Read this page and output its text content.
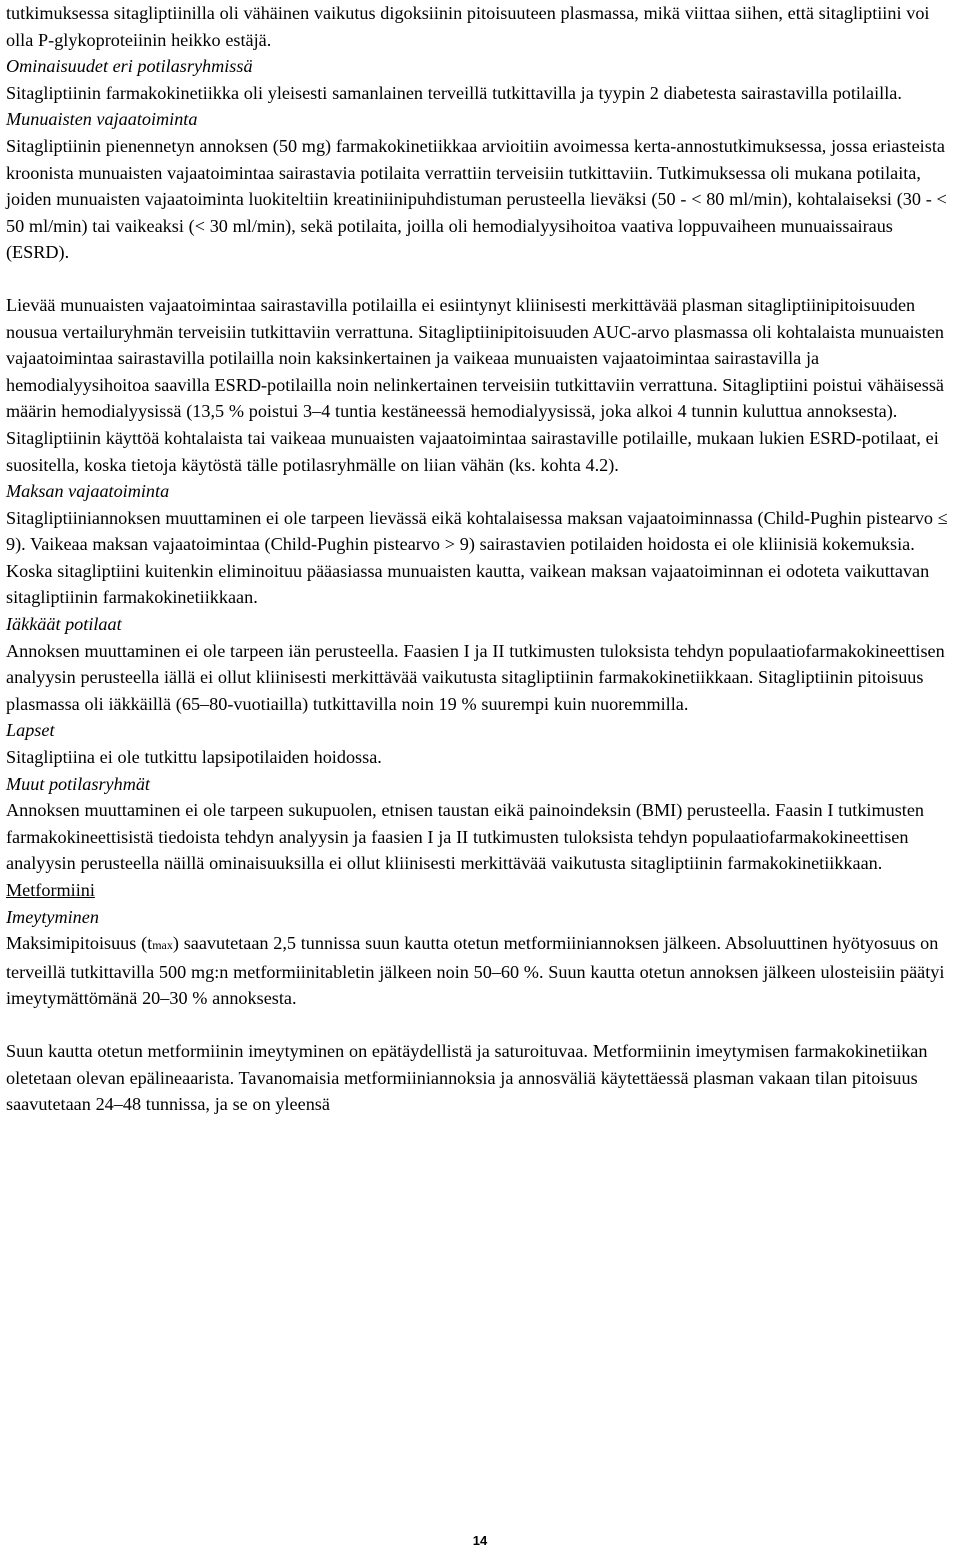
tutkimuksessa sitagliptiinilla oli vähäinen vaikutus digoksiinin pitoisuuteen plasmassa, mikä viittaa siihen, että sitagliptiini voi olla P-glykoproteiinin heikko estäjä.

Ominaisuudet eri potilasryhmissä

Sitagliptiinin farmakokinetiikka oli yleisesti samanlainen terveillä tutkittavilla ja tyypin 2 diabetesta sairastavilla potilailla.

Munuaisten vajaatoiminta

Sitagliptiinin pienennetyn annoksen (50 mg) farmakokinetiikkaa arvioitiin avoimessa kerta-annostutkimuksessa, jossa eriasteista kroonista munuaisten vajaatoimintaa sairastavia potilaita verrattiin terveisiin tutkittaviin. Tutkimuksessa oli mukana potilaita, joiden munuaisten vajaatoiminta luokiteltiin kreatiniinipuhdistuman perusteella lieväksi (50 - < 80 ml/min), kohtalaiseksi (30 - < 50 ml/min) tai vaikeaksi (< 30 ml/min), sekä potilaita, joilla oli hemodialyysihoitoa vaativa loppuvaiheen munuaissairaus (ESRD).

Lievää munuaisten vajaatoimintaa sairastavilla potilailla ei esiintynyt kliinisesti merkittävää plasman sitagliptiinipitoisuuden nousua vertailuryhmän terveisiin tutkittaviin verrattuna. Sitagliptiinipitoisuuden AUC-arvo plasmassa oli kohtalaista munuaisten vajaatoimintaa sairastavilla potilailla noin kaksinkertainen ja vaikeaa munuaisten vajaatoimintaa sairastavilla ja hemodialyysihoitoa saavilla ESRD-potilailla noin nelinkertainen terveisiin tutkittaviin verrattuna. Sitagliptiini poistui vähäisessä määrin hemodialyysissä (13,5 % poistui 3–4 tuntia kestäneessä hemodialyysissä, joka alkoi 4 tunnin kuluttua annoksesta). Sitagliptiinin käyttöä kohtalaista tai vaikeaa munuaisten vajaatoimintaa sairastaville potilaille, mukaan lukien ESRD-potilaat, ei suositella, koska tietoja käytöstä tälle potilasryhmälle on liian vähän (ks. kohta 4.2).

Maksan vajaatoiminta

Sitagliptiiniannoksen muuttaminen ei ole tarpeen lievässä eikä kohtalaisessa maksan vajaatoiminnassa (Child-Pughin pistearvo ≤ 9). Vaikeaa maksan vajaatoimintaa (Child-Pughin pistearvo > 9) sairastavien potilaiden hoidosta ei ole kliinisiä kokemuksia. Koska sitagliptiini kuitenkin eliminoituu pääasiassa munuaisten kautta, vaikean maksan vajaatoiminnan ei odoteta vaikuttavan sitagliptiinin farmakokinetiikkaan.

Iäkkäät potilaat

Annoksen muuttaminen ei ole tarpeen iän perusteella. Faasien I ja II tutkimusten tuloksista tehdyn populaatiofarmakokineettisen analyysin perusteella iällä ei ollut kliinisesti merkittävää vaikutusta sitagliptiinin farmakokinetiikkaan. Sitagliptiinin pitoisuus plasmassa oli iäkkäillä (65–80-vuotiailla) tutkittavilla noin 19 % suurempi kuin nuoremmilla.

Lapset

Sitagliptiina ei ole tutkittu lapsipotilaiden hoidossa.

Muut potilasryhmät

Annoksen muuttaminen ei ole tarpeen sukupuolen, etnisen taustan eikä painoindeksin (BMI) perusteella. Faasin I tutkimusten farmakokineettisistä tiedoista tehdyn analyysin ja faasien I ja II tutkimusten tuloksista tehdyn populaatiofarmakokineettisen analyysin perusteella näillä ominaisuuksilla ei ollut kliinisesti merkittävää vaikutusta sitagliptiinin farmakokinetiikkaan.

Metformiini

Imeytyminen

Maksimipitoisuus (tmax) saavutetaan 2,5 tunnissa suun kautta otetun metformiiniannoksen jälkeen. Absoluuttinen hyötyosuus on terveillä tutkittavilla 500 mg:n metformiinitabletin jälkeen noin 50–60 %. Suun kautta otetun annoksen jälkeen ulosteisiin päätyi imeytymättömänä 20–30 % annoksesta.

Suun kautta otetun metformiinin imeytyminen on epätäydellistä ja saturoituvaa. Metformiinin imeytymisen farmakokinetiikan oletetaan olevan epälineaarista. Tavanomaisia metformiiniannoksia ja annosväliä käytettäessä plasman vakaan tilan pitoisuus saavutetaan 24–48 tunnissa, ja se on yleensä

14
